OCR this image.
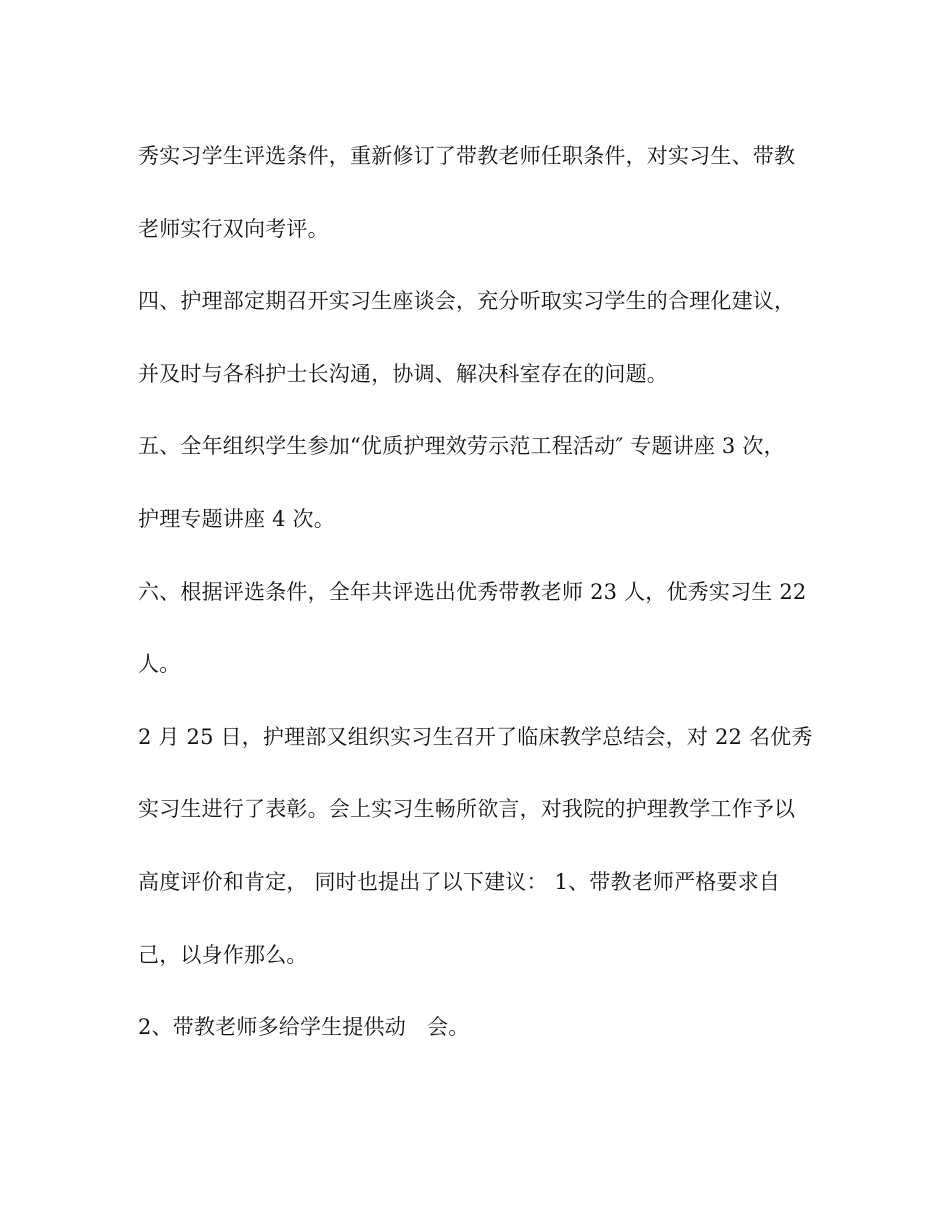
秀实习学生评选条件，重新修订了带教老师任职条件，对实习生、带教
老师实行双向考评。
四、护理部定期召开实习生座谈会，充分听取实习学生的合理化建议，
并及时与各科护士长沟通，协调、解决科室存在的问题。
五、全年组织学生参加“优质护理效劳示范工程活动″ 专题讲座 3 次，
护理专题讲座 4 次。
六、根据评选条件，全年共评选出优秀带教老师 23 人，优秀实习生 22
人。
2 月 25 日，护理部又组织实习生召开了临床教学总结会，对 22 名优秀
实习生进行了表彰。会上实习生畅所欲言，对我院的护理教学工作予以
高度评价和肯定， 同时也提出了以下建议： 1、带教老师严格要求自
己，以身作那么。
2、带教老师多给学生提供动　会。
